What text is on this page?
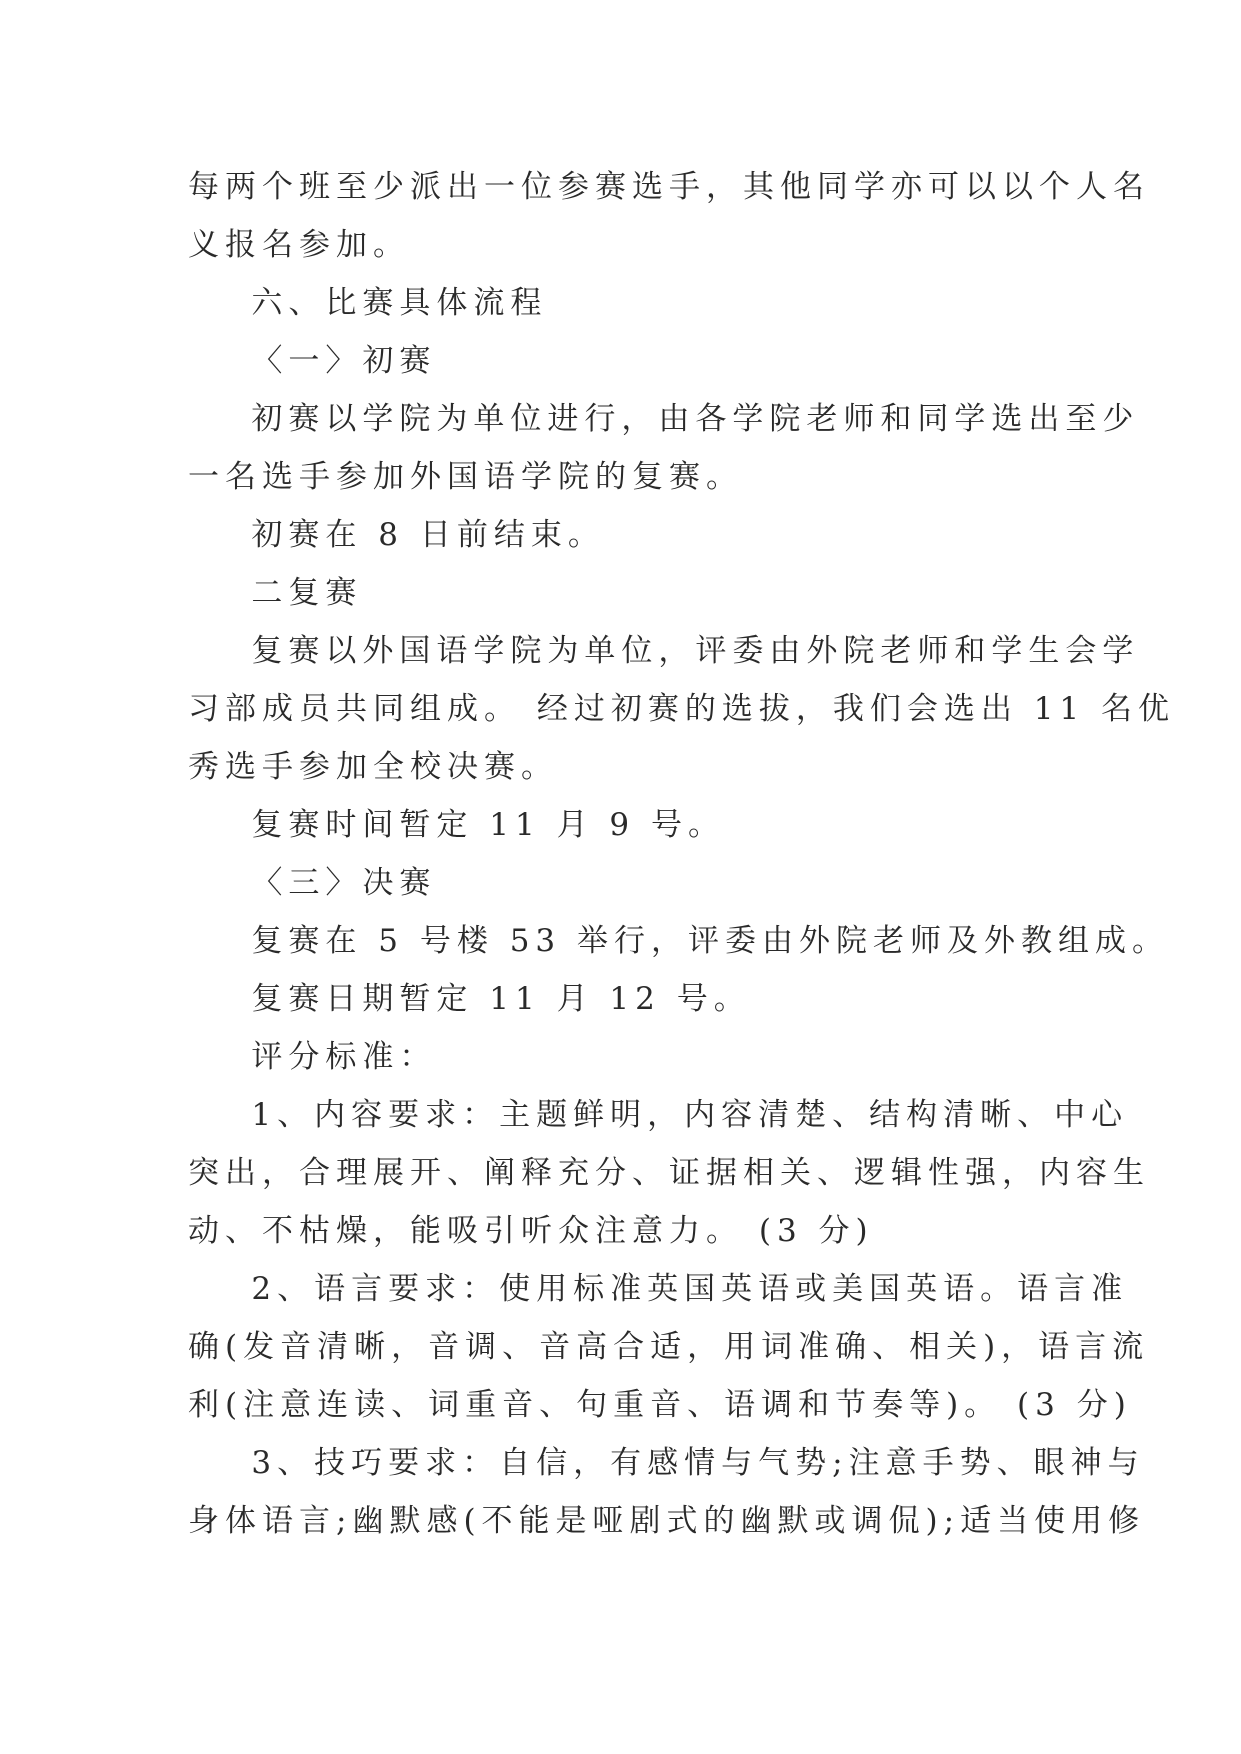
每两个班至少派出一位参赛选手，其他同学亦可以以个人名
义报名参加。
六、比赛具体流程
〈一〉初赛
初赛以学院为单位进行，由各学院老师和同学选出至少
一名选手参加外国语学院的复赛。
初赛在 8 日前结束。
二复赛
复赛以外国语学院为单位，评委由外院老师和学生会学
习部成员共同组成。 经过初赛的选拔，我们会选出 11 名优
秀选手参加全校决赛。
复赛时间暂定 11 月 9 号。
〈三〉决赛
复赛在 5 号楼 53 举行，评委由外院老师及外教组成。
复赛日期暂定 11 月 12 号。
评分标准：
1、内容要求：主题鲜明，内容清楚、结构清晰、中心
突出，合理展开、阐释充分、证据相关、逻辑性强，内容生
动、不枯燥，能吸引听众注意力。 (3 分)
2、语言要求：使用标准英国英语或美国英语。语言准
确(发音清晰，音调、音高合适，用词准确、相关)，语言流
利(注意连读、词重音、句重音、语调和节奏等)。 (3 分)
3、技巧要求：自信，有感情与气势;注意手势、眼神与
身体语言;幽默感(不能是哑剧式的幽默或调侃);适当使用修
